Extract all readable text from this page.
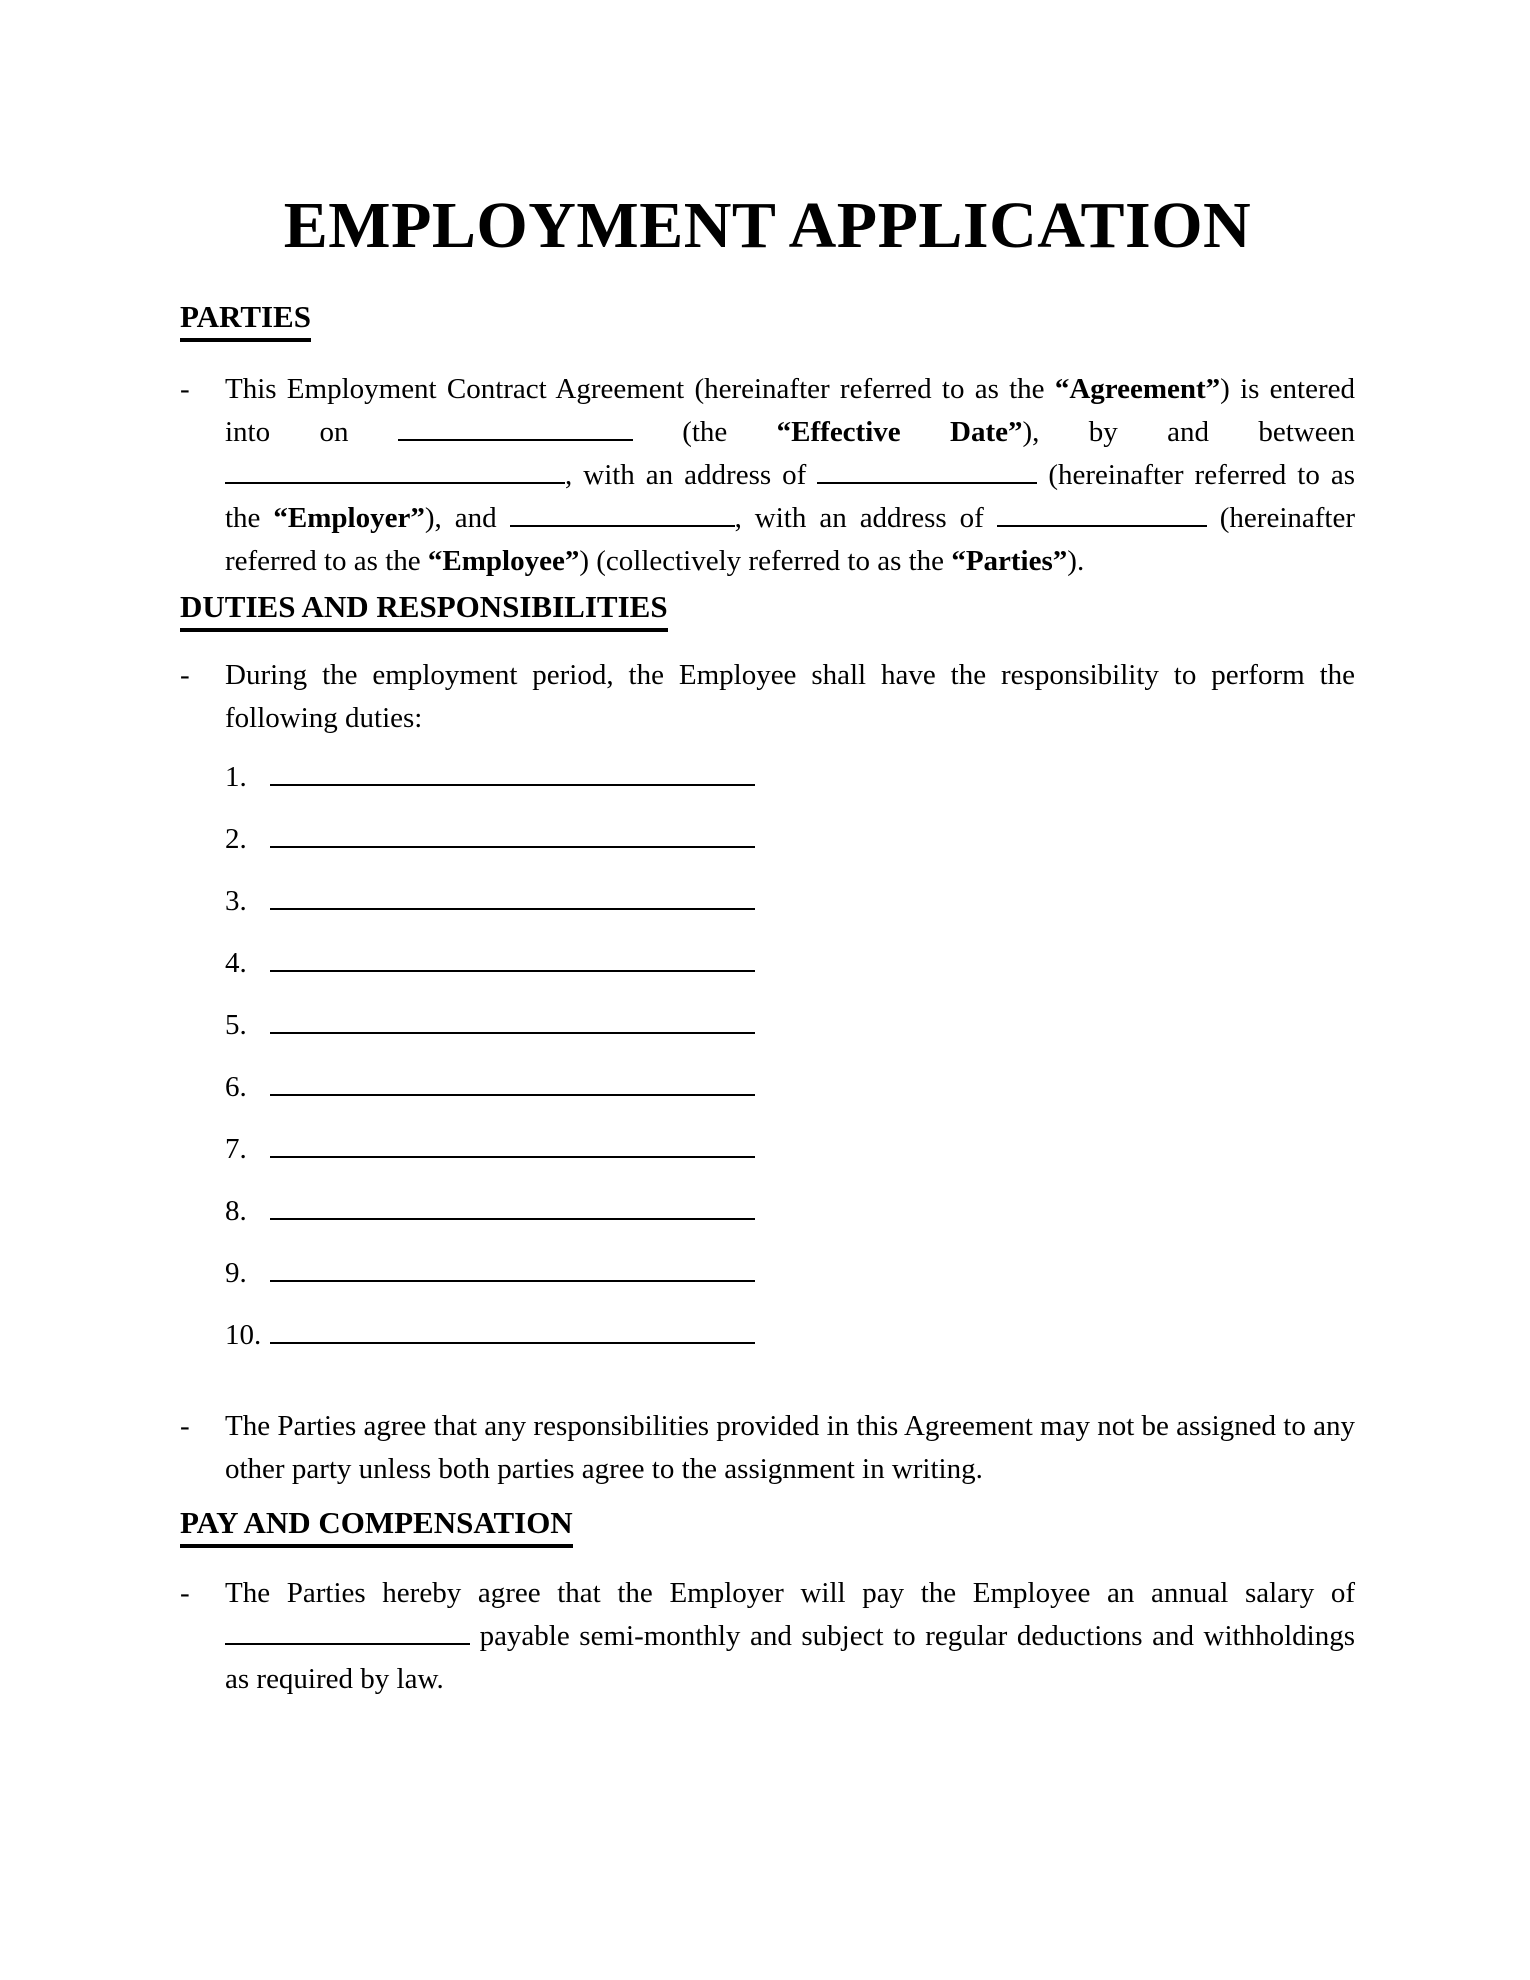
EMPLOYMENT APPLICATION
PARTIES
-	This Employment Contract Agreement (hereinafter referred to as the “Agreement”) is entered into on	(the “Effective Date”), by and between , with an address of	(hereinafter referred to as the “Employer”), and	, with an address of	(hereinafter referred to as the “Employee”) (collectively referred to as the “Parties”).

DUTIES AND RESPONSIBILITIES
-	During the employment period, the Employee shall have the responsibility to perform the following duties:

1.
2.
3.
4.
5.
6.
7.
8.
9.
10.
-	The Parties agree that any responsibilities provided in this Agreement may not be assigned to any other party unless both parties agree to the assignment in writing.

PAY AND COMPENSATION
-	The Parties hereby agree that the Employer will pay the Employee an annual salary of  payable semi-monthly and subject to regular deductions and withholdings as required by law.
